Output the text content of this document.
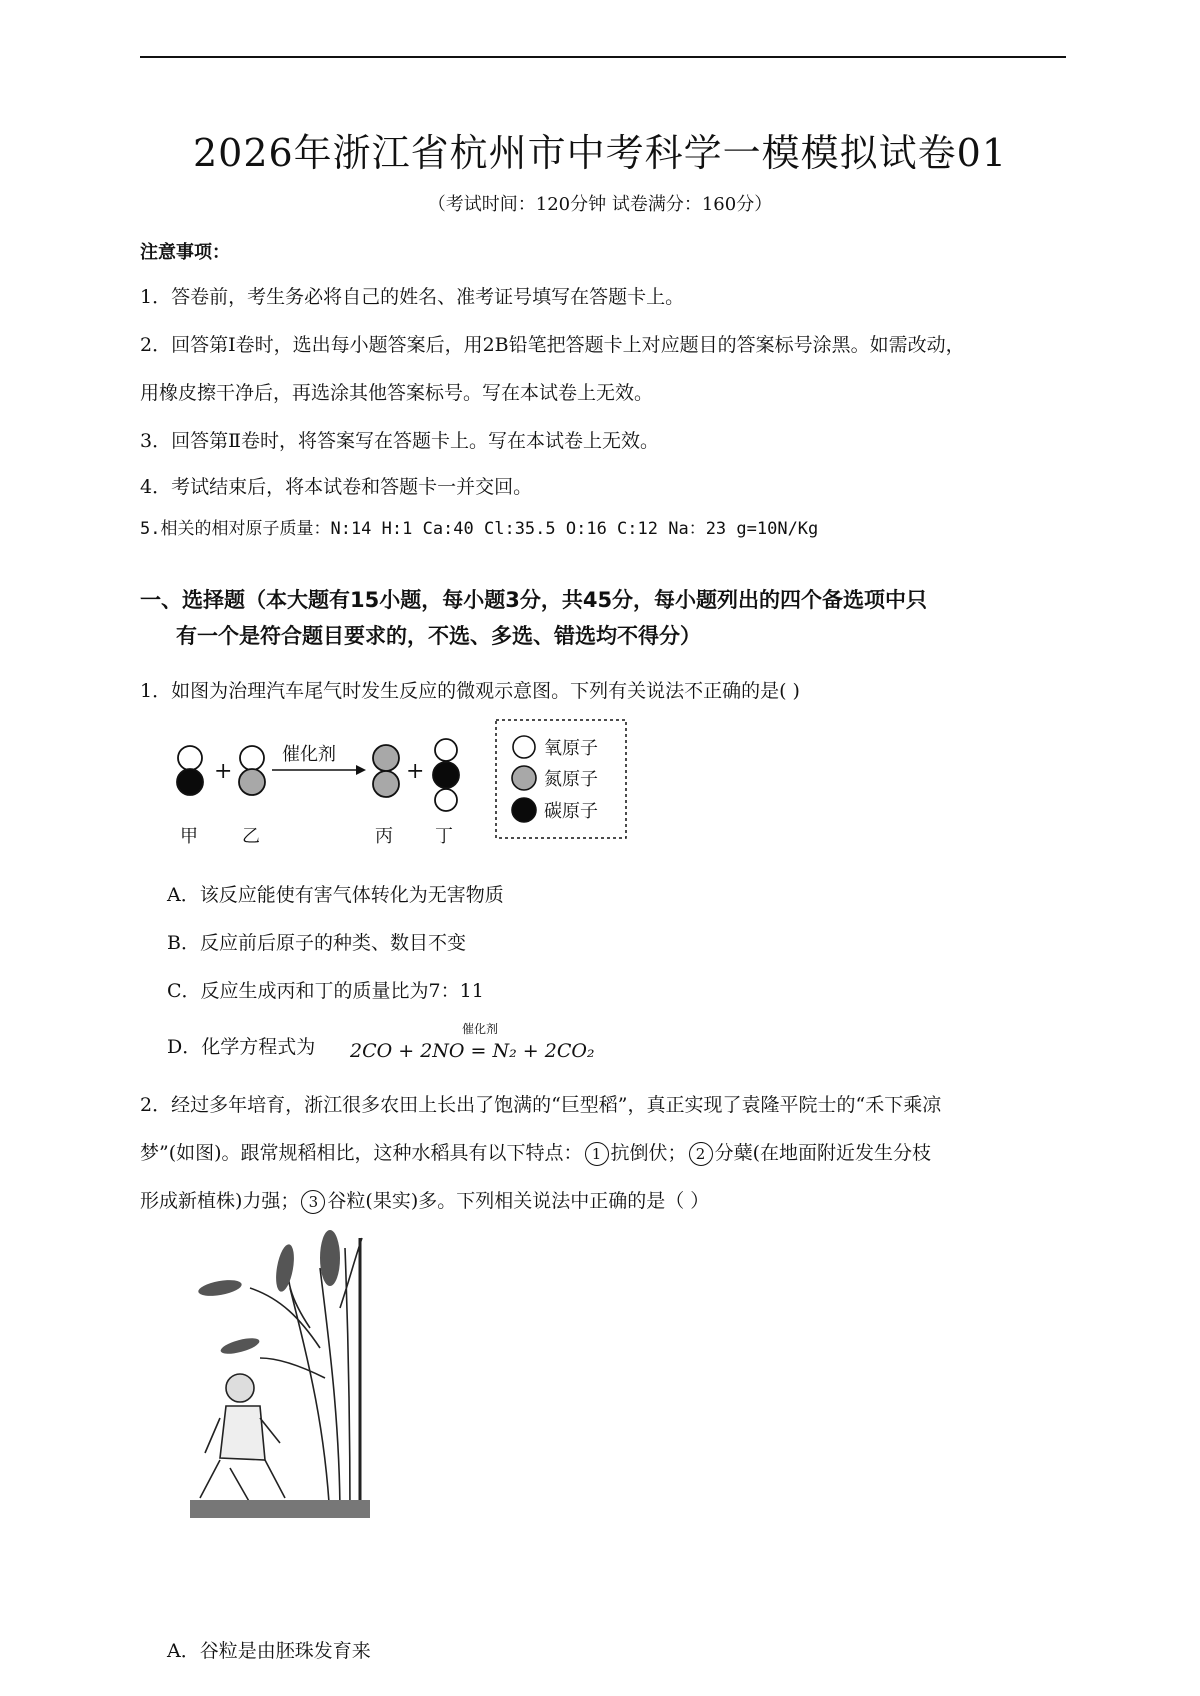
2026年浙江省杭州市中考科学一模模拟试卷01
（考试时间：120分钟 试卷满分：160分）
注意事项：
1．答卷前，考生务必将自己的姓名、准考证号填写在答题卡上。
2．回答第Ⅰ卷时，选出每小题答案后，用2B铅笔把答题卡上对应题目的答案标号涂黑。如需改动，
用橡皮擦干净后，再选涂其他答案标号。写在本试卷上无效。
3．回答第Ⅱ卷时，将答案写在答题卡上。写在本试卷上无效。
4．考试结束后，将本试卷和答题卡一并交回。
5.相关的相对原子质量：N:14 H:1 Ca:40 Cl:35.5 O:16 C:12 Na：23 g=10N/Kg
一、选择题（本大题有15小题，每小题3分，共45分，每小题列出的四个备选项中只
有一个是符合题目要求的，不选、多选、错选均不得分）
1．如图为治理汽车尾气时发生反应的微观示意图。下列有关说法不正确的是( )
+
催化剂
+
甲 乙	丙 丁
氧原子
氮原子
碳原子
A．该反应能使有害气体转化为无害物质
B．反应前后原子的种类、数目不变
C．反应生成丙和丁的质量比为7：11
D．化学方程式为
催化剂
2CO + 2NO = N₂ + 2CO₂
2．经过多年培育，浙江很多农田上长出了饱满的“巨型稻”，真正实现了袁隆平院士的“禾下乘凉
梦”(如图)。跟常规稻相比，这种水稻具有以下特点： 1 抗倒伏； 2 分蘖(在地面附近发生分枝
形成新植株)力强； 3 谷粒(果实)多。下列相关说法中正确的是（ ）
A．谷粒是由胚珠发育来
